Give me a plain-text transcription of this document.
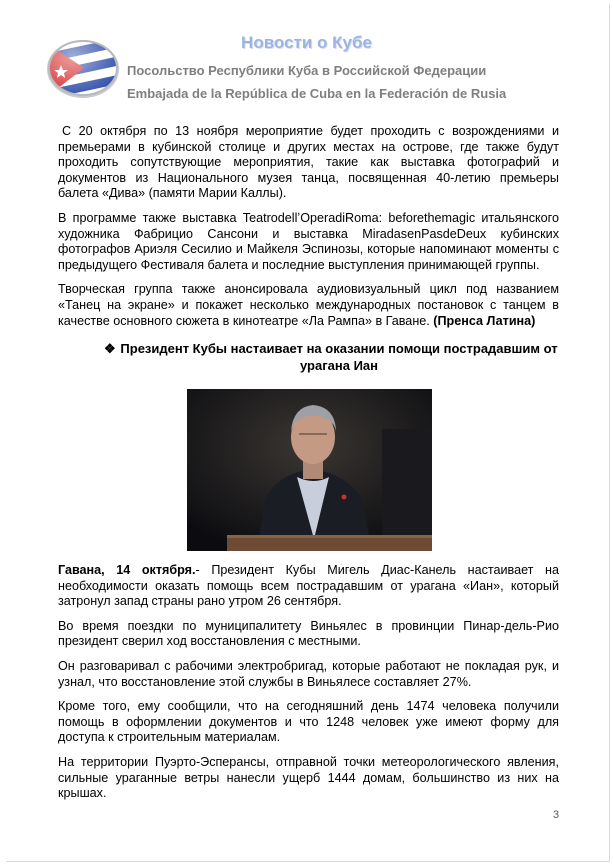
Новости о Кубе
Посольство Республики Куба в Российской Федерации
Embajada de la República de Cuba en la Federación de Rusia

С 20 октября по 13 ноября мероприятие будет проходить с возрождениями и премьерами в кубинской столице и других местах на острове, где также будут проходить сопутствующие мероприятия, такие как выставка фотографий и документов из Национального музея танца, посвященная 40-летию премьеры балета «Дива» (памяти Марии Каллы).

В программе также выставка TeatrodellʼOperadiRoma: beforethemagic итальянского художника Фабрицио Сансони и выставка MiradasenPasdeDeux кубинских фотографов Ариэля Сесилио и Майкеля Эспинозы, которые напоминают моменты с предыдущего Фестиваля балета и последние выступления принимающей группы.

Творческая группа также анонсировала аудиовизуальный цикл под названием «Танец на экране» и покажет несколько международных постановок с танцем в качестве основного сюжета в кинотеатре «Ла Рампа» в Гаване. (Пренса Латина)

❖ Президент Кубы настаивает на оказании помощи пострадавшим от урагана Иан

Гавана, 14 октября.- Президент Кубы Мигель Диас-Канель настаивает на необходимости оказать помощь всем пострадавшим от урагана «Иан», который затронул запад страны рано утром 26 сентября.

Во время поездки по муниципалитету Виньялес в провинции Пинар-дель-Рио президент сверил ход восстановления с местными.

Он разговаривал с рабочими электробригад, которые работают не покладая рук, и узнал, что восстановление этой службы в Виньялесе составляет 27%.

Кроме того, ему сообщили, что на сегодняшний день 1474 человека получили помощь в оформлении документов и что 1248 человек уже имеют форму для доступа к строительным материалам.

На территории Пуэрто-Эсперансы, отправной точки метеорологического явления, сильные ураганные ветры нанесли ущерб 1444 домам, большинство из них на крышах.

3
